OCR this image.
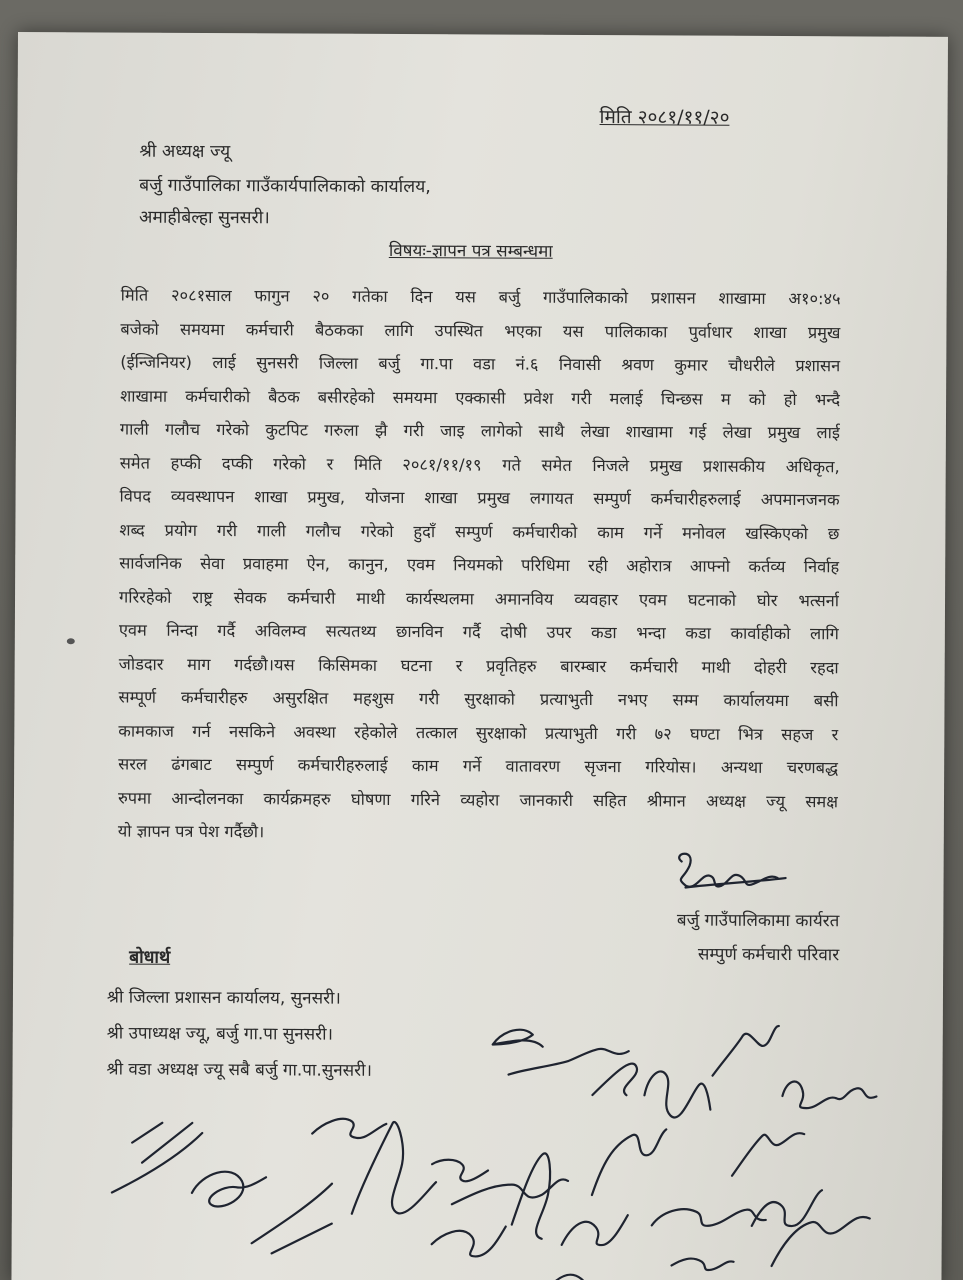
मिति २०८१/११/२०
श्री अध्यक्ष ज्यू
बर्जु गाउँपालिका गाउँकार्यपालिकाको कार्यालय,
अमाहीबेल्हा सुनसरी।
विषयः-ज्ञापन पत्र सम्बन्धमा
मिति २०८१साल फागुन २० गतेका दिन यस बर्जु गाउँपालिकाको प्रशासन शाखामा अ१०:४५
बजेको समयमा कर्मचारी बैठकका लागि उपस्थित भएका यस पालिकाका पुर्वाधार शाखा प्रमुख
(ईन्जिनियर) लाई सुनसरी जिल्ला बर्जु गा.पा वडा नं.६ निवासी श्रवण कुमार चौधरीले प्रशासन
शाखामा कर्मचारीको बैठक बसीरहेको समयमा एक्कासी प्रवेश गरी मलाई चिन्छस म को हो भन्दै
गाली गलौच गरेको कुटपिट गरुला झै गरी जाइ लागेको साथै लेखा शाखामा गई लेखा प्रमुख लाई
समेत हप्की दप्की गरेको र मिति २०८१/११/१९ गते समेत निजले प्रमुख प्रशासकीय अधिकृत,
विपद व्यवस्थापन शाखा प्रमुख, योजना शाखा प्रमुख लगायत सम्पुर्ण कर्मचारीहरुलाई अपमानजनक
शब्द प्रयोग गरी गाली गलौच गरेको हुदाँ सम्पुर्ण कर्मचारीको काम गर्ने मनोवल खस्किएको छ
सार्वजनिक सेवा प्रवाहमा ऐन, कानुन, एवम नियमको परिधिमा रही अहोरात्र आफ्नो कर्तव्य निर्वाह
गरिरहेको राष्ट्र सेवक कर्मचारी माथी कार्यस्थलमा अमानविय व्यवहार एवम घटनाको घोर भत्सर्ना
एवम निन्दा गर्दै अविलम्व सत्यतथ्य छानविन गर्दै दोषी उपर कडा भन्दा कडा कार्वाहीको लागि
जोडदार माग गर्दछौ।यस किसिमका घटना र प्रवृतिहरु बारम्बार कर्मचारी माथी दोहरी रहदा
सम्पूर्ण कर्मचारीहरु असुरक्षित महशुस गरी सुरक्षाको प्रत्याभुती नभए सम्म कार्यालयमा बसी
कामकाज गर्न नसकिने अवस्था रहेकोले तत्काल सुरक्षाको प्रत्याभुती गरी ७२ घण्टा भित्र सहज र
सरल ढंगबाट सम्पुर्ण कर्मचारीहरुलाई काम गर्ने वातावरण सृजना गरियोस। अन्यथा चरणबद्ध
रुपमा आन्दोलनका कार्यक्रमहरु घोषणा गरिने व्यहोरा जानकारी सहित श्रीमान अध्यक्ष ज्यू समक्ष
यो ज्ञापन पत्र पेश गर्दैछौ।
बर्जु गाउँपालिकामा कार्यरत
सम्पुर्ण कर्मचारी परिवार
बोधार्थ
श्री जिल्ला प्रशासन कार्यालय, सुनसरी।
श्री उपाध्यक्ष ज्यू, बर्जु गा.पा सुनसरी।
श्री वडा अध्यक्ष ज्यू सबै बर्जु गा.पा.सुनसरी।
